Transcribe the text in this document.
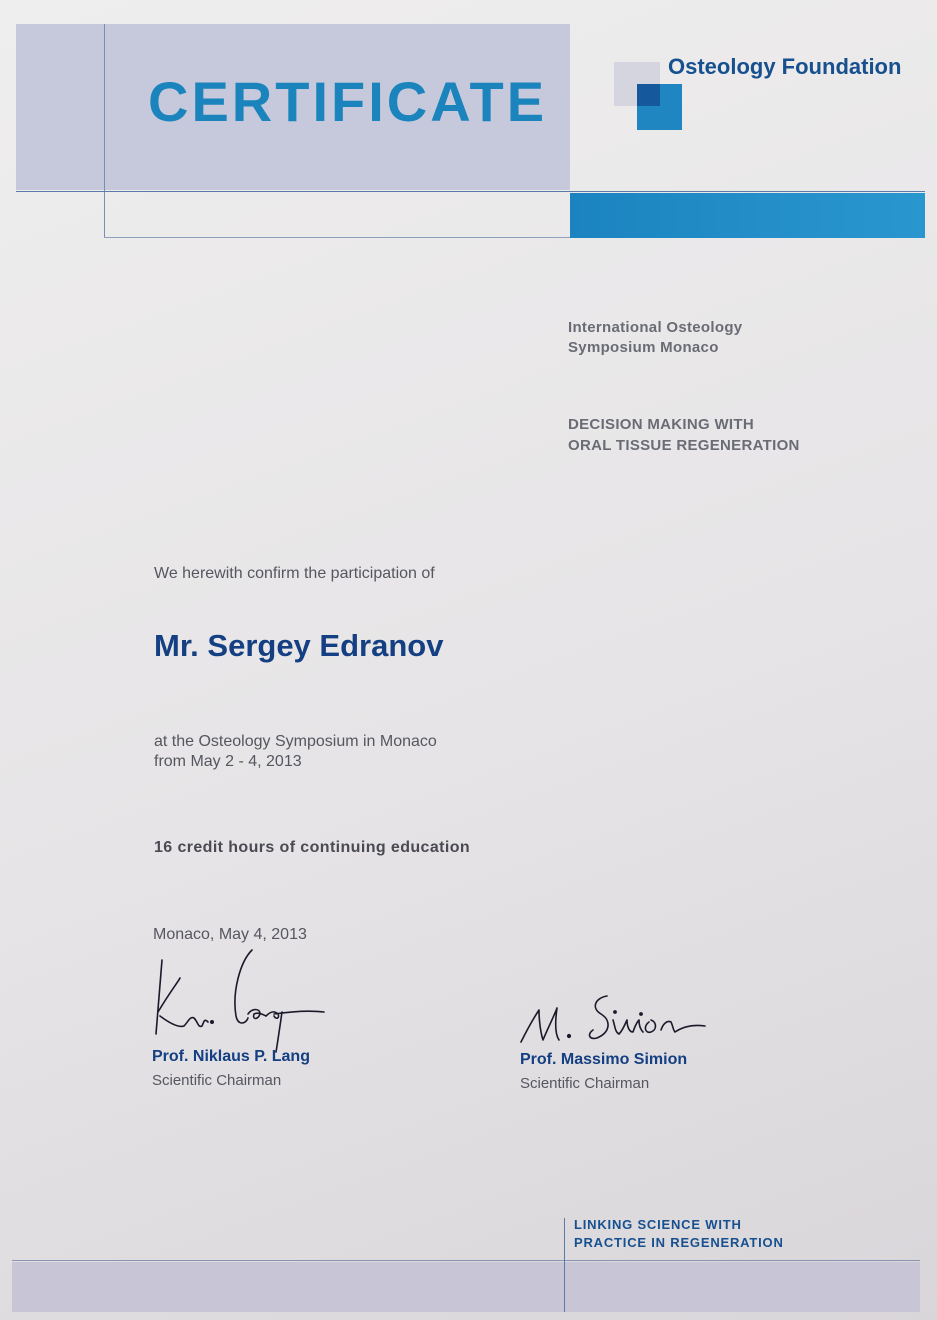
CERTIFICATE
Osteology Foundation
International Osteology
Symposium Monaco
DECISION MAKING WITH
ORAL TISSUE REGENERATION
We herewith confirm the participation of
Mr. Sergey Edranov
at the Osteology Symposium in Monaco
from May 2 - 4, 2013
16 credit hours of continuing education
Monaco, May 4, 2013
Prof. Niklaus P. Lang
Scientific Chairman
Prof. Massimo Simion
Scientific Chairman
LINKING SCIENCE WITH
PRACTICE IN REGENERATION
